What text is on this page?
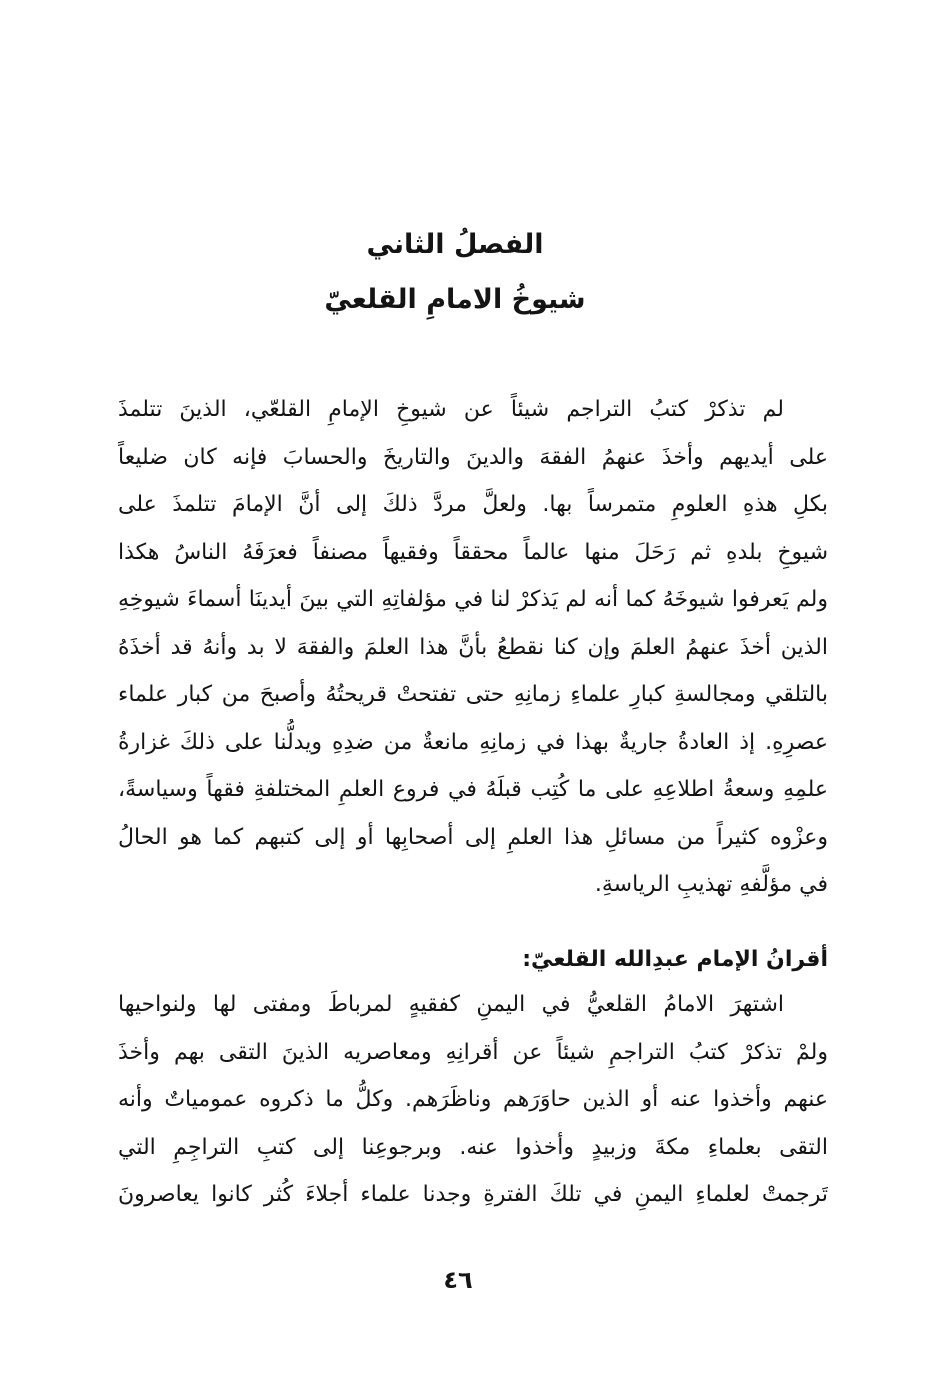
الفصلُ الثاني
شيوخُ الامامِ القلعيّ
لم تذكرْ كتبُ التراجم شيئاً عن شيوخِ الإمامِ القلعّي، الذينَ تتلمذَ
على أيديهم وأخذَ عنهمُ الفقهَ والدينَ والتاريخَ والحسابَ فإنه كان ضليعاً
بكلِ هذهِ العلومِ متمرساً بها. ولعلَّ مردَّ ذلكَ إلى أنَّ الإمامَ تتلمذَ على
شيوخِ بلدهِ ثم رَحَلَ منها عالماً محققاً وفقيهاً مصنفاً فعرَفَهُ الناسُ هكذا
ولم يَعرفوا شيوخَهُ كما أنه لم يَذكرْ لنا في مؤلفاتِهِ التي بينَ أيدينَا أسماءَ شيوخِهِ
الذين أخذَ عنهمُ العلمَ وإن كنا نقطعُ بأنَّ هذا العلمَ والفقهَ لا بد وأنهُ قد أخذَهُ
بالتلقي ومجالسةِ كبارِ علماءِ زمانِهِ حتى تفتحتْ قريحتُهُ وأصبحَ من كبار علماء
عصرِهِ. إذ العادةُ جاريةٌ بهذا في زمانِهِ مانعةٌ من ضدِهِ ويدلُّنا على ذلكَ غزارةُ
علمِهِ وسعةُ اطلاعِهِ على ما كُتِب قبلَهُ في فروع العلمِ المختلفةِ فقهاً وسياسةً،
وعزْوه كثيراً من مسائلِ هذا العلمِ إلى أصحابِها أو إلى كتبهم كما هو الحالُ
في مؤلَّفهِ تهذيبِ الرياسةِ.
أقرانُ الإمام عبدِالله القلعيّ:
اشتهرَ الامامُ القلعيُّ في اليمنِ كفقيهٍ لمرباطَ ومفتى لها ولنواحيها
ولمْ تذكرْ كتبُ التراجمِ شيئاً عن أقرانِهِ ومعاصريه الذينَ التقى بهم وأخذَ
عنهم وأخذوا عنه أو الذين حاوَرَهم وناظَرَهم. وكلُّ ما ذكروه عمومياتٌ وأنه
التقى بعلماءِ مكةَ وزبيدٍ وأخذوا عنه. وبرجوعِنا إلى كتبِ التراجِمِ التي
تَرجمتْ لعلماءِ اليمنِ في تلكَ الفترةِ وجدنا علماء أجلاءَ كُثر كانوا يعاصرونَ
٤٦
